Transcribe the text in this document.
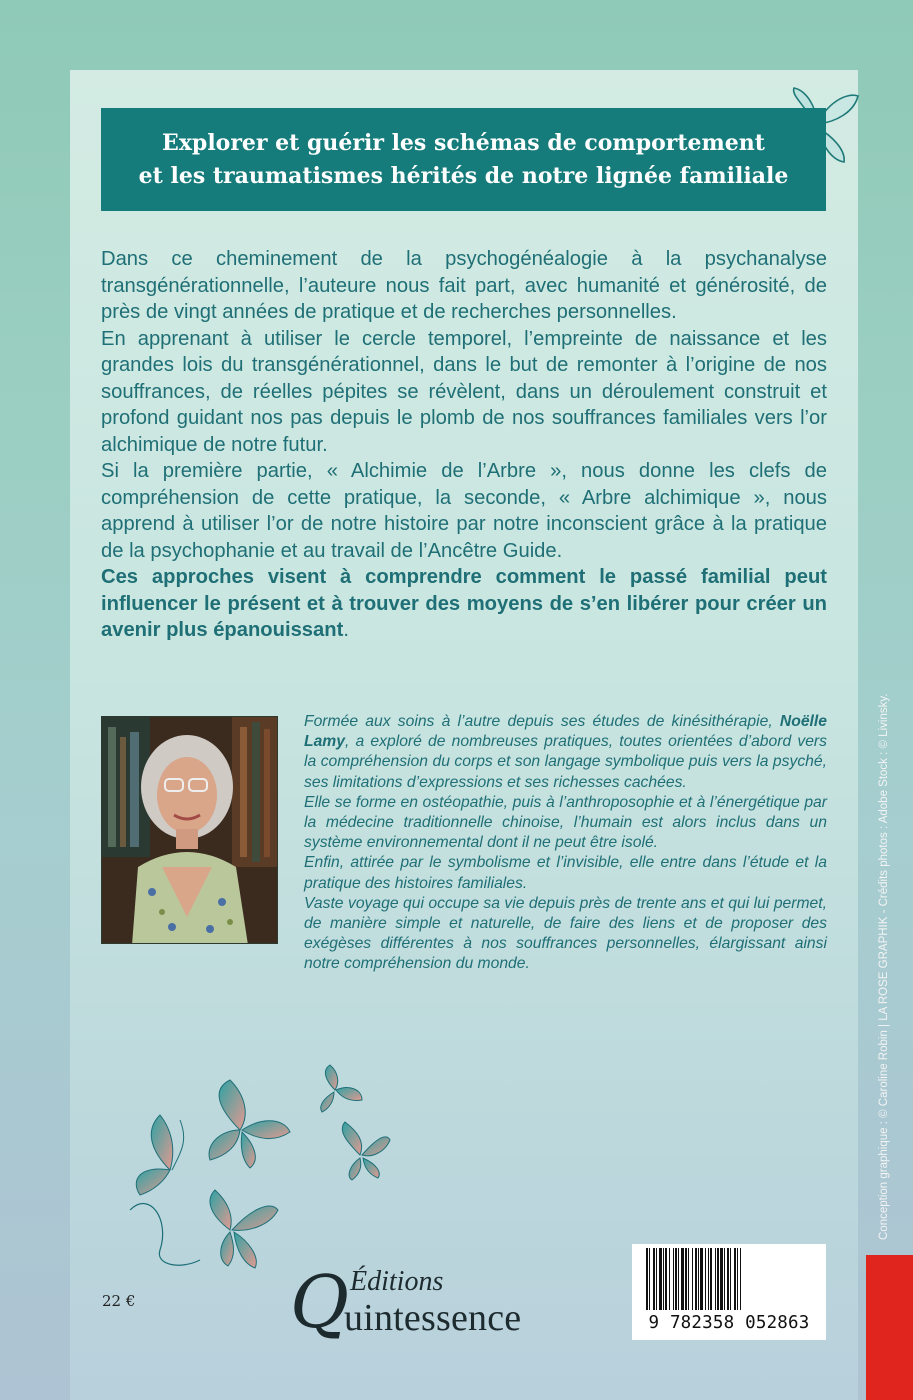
Explorer et guérir les schémas de comportement
et les traumatismes hérités de notre lignée familiale

Dans ce cheminement de la psychogénéalogie à la psychanalyse transgénérationnelle, l’auteure nous fait part, avec humanité et générosité, de près de vingt années de pratique et de recherches personnelles.

En apprenant à utiliser le cercle temporel, l’empreinte de naissance et les grandes lois du transgénérationnel, dans le but de remonter à l’origine de nos souffrances, de réelles pépites se révèlent, dans un déroulement construit et profond guidant nos pas depuis le plomb de nos souffrances familiales vers l’or alchimique de notre futur.

Si la première partie, « Alchimie de l’Arbre », nous donne les clefs de compréhension de cette pratique, la seconde, « Arbre alchimique », nous apprend à utiliser l’or de notre histoire par notre inconscient grâce à la pratique de la psychophanie et au travail de l’Ancêtre Guide.

Ces approches visent à comprendre comment le passé familial peut influencer le présent et à trouver des moyens de s’en libérer pour créer un avenir plus épanouissant.

Formée aux soins à l’autre depuis ses études de kinésithérapie, Noëlle Lamy, a exploré de nombreuses pratiques, toutes orientées d’abord vers la compréhension du corps et son langage symbolique puis vers la psyché, ses limitations d’expressions et ses richesses cachées.

Elle se forme en ostéopathie, puis à l’anthroposophie et à l’énergétique par la médecine traditionnelle chinoise, l’humain est alors inclus dans un système environnemental dont il ne peut être isolé.

Enfin, attirée par le symbolisme et l’invisible, elle entre dans l’étude et la pratique des histoires familiales.

Vaste voyage qui occupe sa vie depuis près de trente ans et qui lui permet, de manière simple et naturelle, de faire des liens et de proposer des exégèses différentes à nos souffrances personnelles, élargissant ainsi notre compréhension du monde.

22 € Q Éditions
uintessence	9 782358 052863
Conception graphique : © Caroline Robin | LA ROSE GRAPHIK - Crédits photos : Adobe Stock : © Livinsky.
